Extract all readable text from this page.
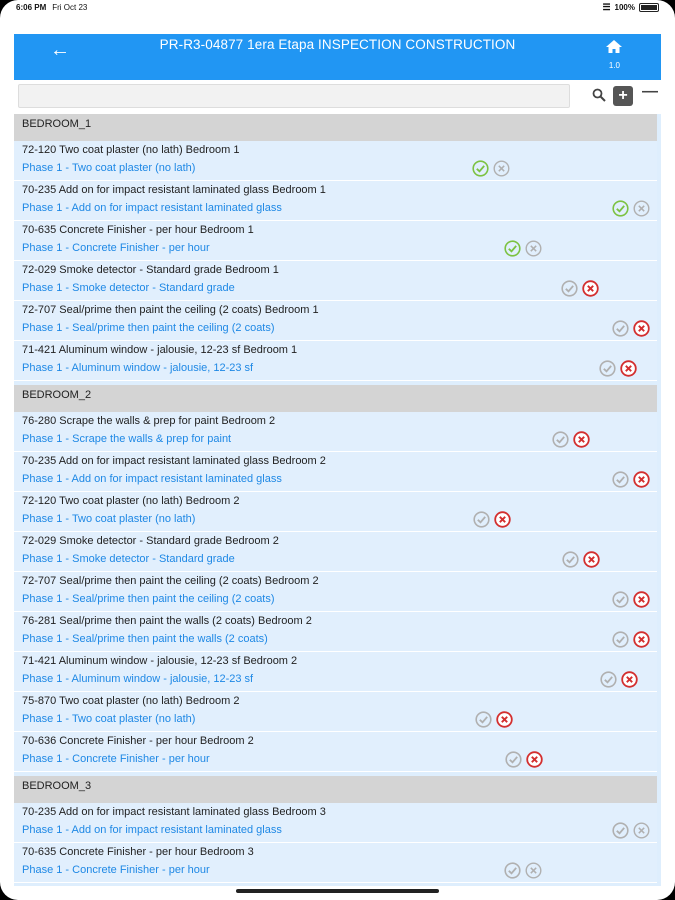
6:06 PM Fri Oct 23	☰ 100%
←	PR-R3-04877 1era Etapa INSPECTION CONSTRUCTION
1.0
+ —
BEDROOM_1
72-120 Two coat plaster (no lath) Bedroom 1
Phase 1 - Two coat plaster (no lath)
70-235 Add on for impact resistant laminated glass Bedroom 1
Phase 1 - Add on for impact resistant laminated glass
70-635 Concrete Finisher - per hour Bedroom 1
Phase 1 - Concrete Finisher - per hour
72-029 Smoke detector - Standard grade Bedroom 1
Phase 1 - Smoke detector - Standard grade
72-707 Seal/prime then paint the ceiling (2 coats) Bedroom 1
Phase 1 - Seal/prime then paint the ceiling (2 coats)
71-421 Aluminum window - jalousie, 12-23 sf Bedroom 1
Phase 1 - Aluminum window - jalousie, 12-23 sf
BEDROOM_2
76-280 Scrape the walls & prep for paint Bedroom 2
Phase 1 - Scrape the walls & prep for paint
70-235 Add on for impact resistant laminated glass Bedroom 2
Phase 1 - Add on for impact resistant laminated glass
72-120 Two coat plaster (no lath) Bedroom 2
Phase 1 - Two coat plaster (no lath)
72-029 Smoke detector - Standard grade Bedroom 2
Phase 1 - Smoke detector - Standard grade
72-707 Seal/prime then paint the ceiling (2 coats) Bedroom 2
Phase 1 - Seal/prime then paint the ceiling (2 coats)
76-281 Seal/prime then paint the walls (2 coats) Bedroom 2
Phase 1 - Seal/prime then paint the walls (2 coats)
71-421 Aluminum window - jalousie, 12-23 sf Bedroom 2
Phase 1 - Aluminum window - jalousie, 12-23 sf
75-870 Two coat plaster (no lath) Bedroom 2
Phase 1 - Two coat plaster (no lath)
70-636 Concrete Finisher - per hour Bedroom 2
Phase 1 - Concrete Finisher - per hour
BEDROOM_3
70-235 Add on for impact resistant laminated glass Bedroom 3
Phase 1 - Add on for impact resistant laminated glass
70-635 Concrete Finisher - per hour Bedroom 3
Phase 1 - Concrete Finisher - per hour
